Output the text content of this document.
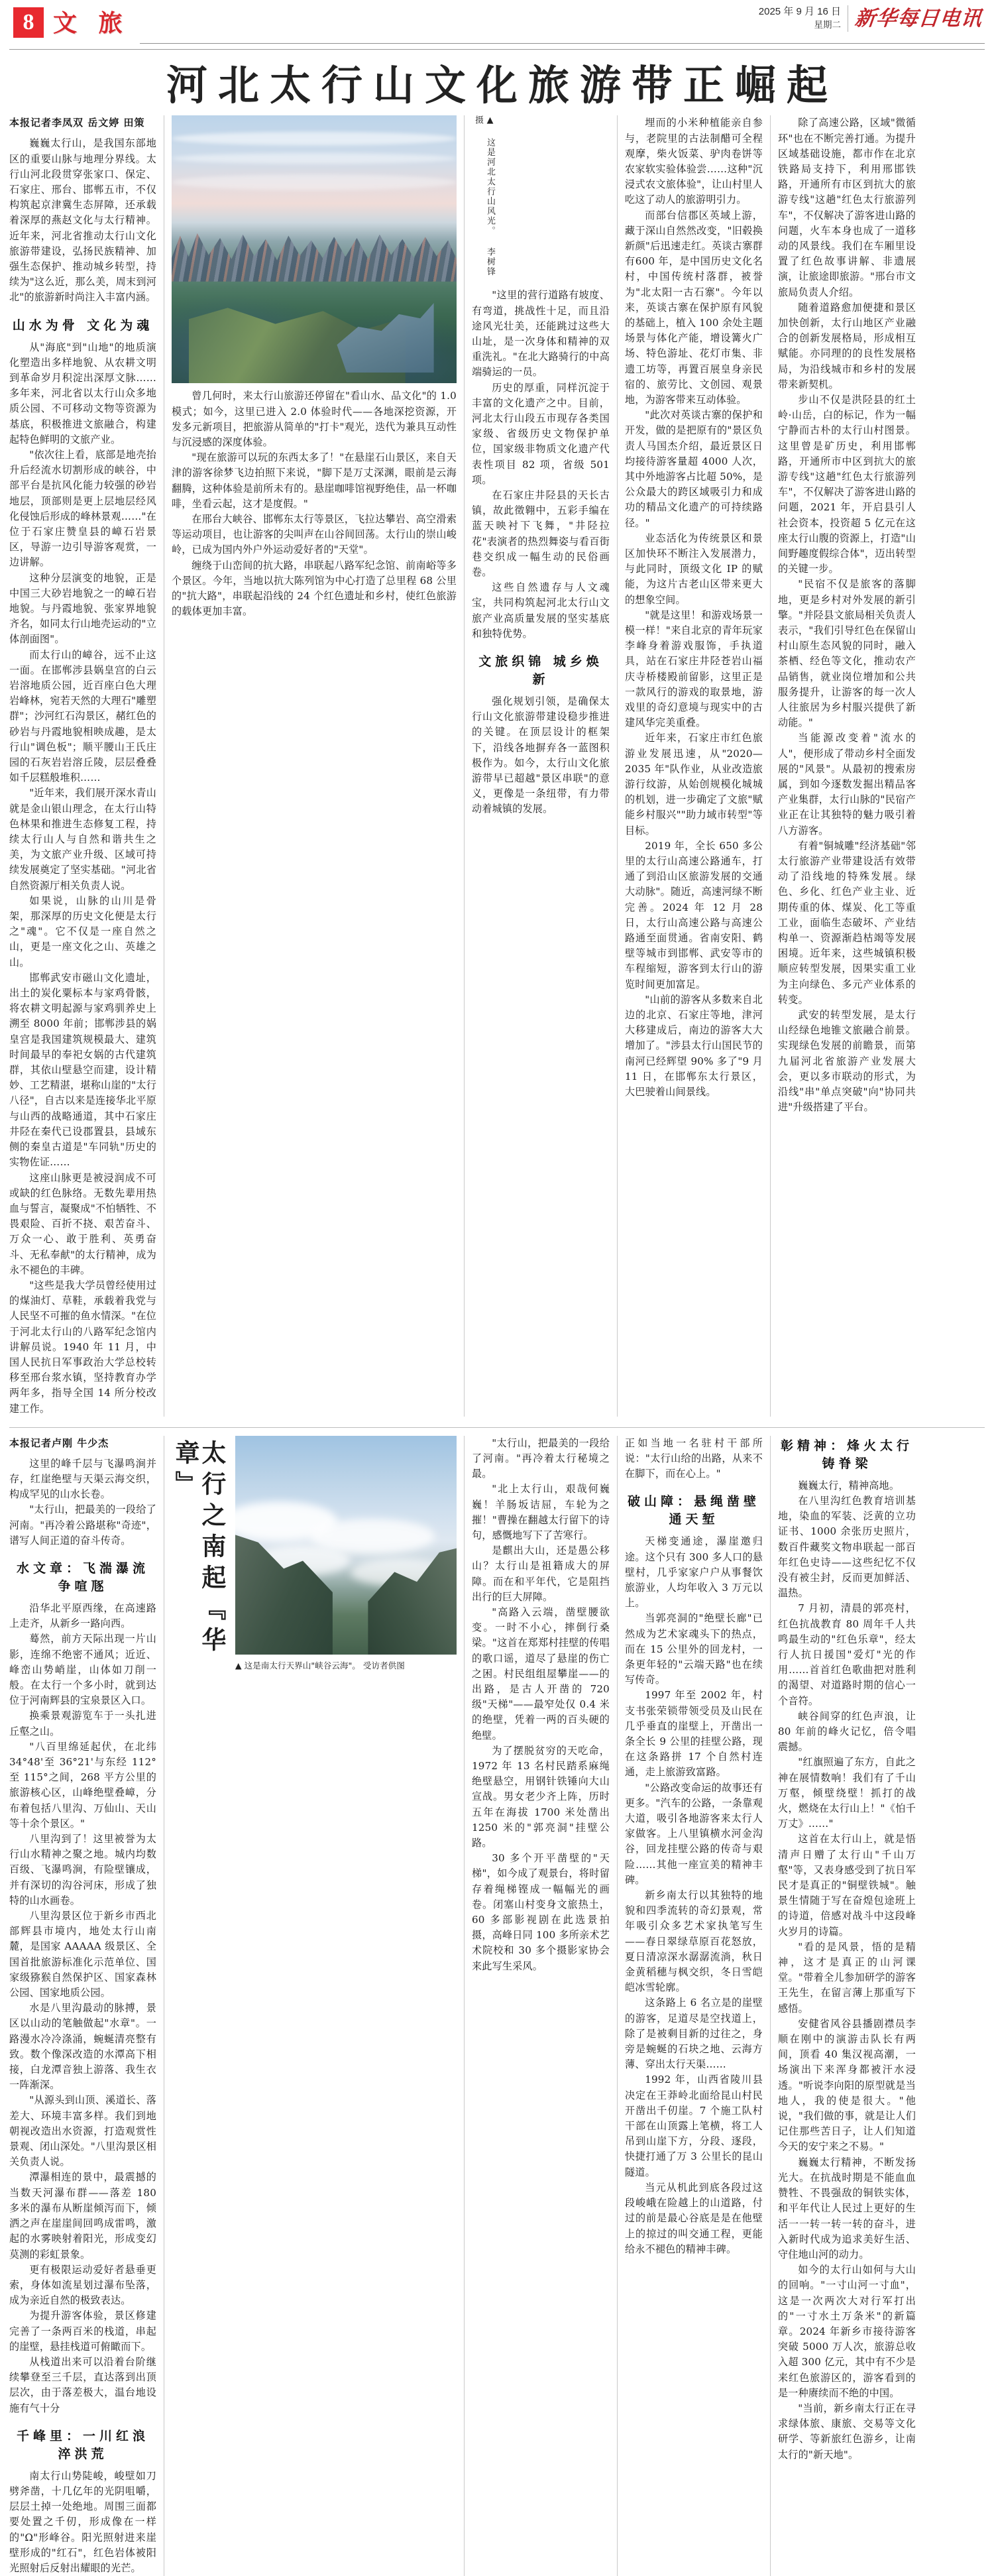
8 文 旅	2025 年 9 月 16 日
星期二 新华每日电讯
河北太行山文化旅游带正崛起
本报记者李凤双 岳文婷 田策

巍巍太行山，是我国东部地区的重要山脉与地理分界线。太行山河北段贯穿张家口、保定、石家庄、邢台、邯郸五市，不仅构筑起京津冀生态屏障，还承载着深厚的燕赵文化与太行精神。近年来，河北省推动太行山文化旅游带建设，弘扬民族精神、加强生态保护、推动城乡转型，持续为"这么近，那么美，周末到河北"的旅游新时尚注入丰富内涵。

山水为骨 文化为魂

从"海底"到"山地"的地质演化塑造出多样地貌、从农耕文明到革命岁月积淀出深厚文脉……多年来，河北省以太行山众多地质公园、不可移动文物等资源为基底，积极推进文旅融合，构建起特色鲜明的文旅产业。

"依次往上看，底部是地壳抬升后经流水切割形成的峡谷，中部平台是抗风化能力较强的砂岩地层，顶部则是更上层地层经风化侵蚀后形成的峰林景观……"在位于石家庄赞皇县的嶂石岩景区，导游一边引导游客观赏，一边讲解。

这种分层演变的地貌，正是中国三大砂岩地貌之一的嶂石岩地貌。与丹霞地貌、张家界地貌齐名，如同太行山地壳运动的"立体剖面图"。

而太行山的嶂谷，远不止这一面。在邯郸涉县娲皇宫的白云岩溶地质公园，近百座白色大理岩峰林，宛若天然的大理石"雕塑群"；沙河红石沟景区，赭红色的砂岩与丹霞地貌相映成趣，是太行山"调色板"；顺平腰山王氏庄园的石灰岩岩溶丘陵，层层叠叠如千层糕般堆积……

"近年来，我们展开深水青山就是金山银山理念，在太行山特色林果和推进生态修复工程，持续太行山人与自然和谐共生之美，为文旅产业升级、区域可持续发展奠定了坚实基础。"河北省自然资源厅相关负责人说。

如果说，山脉的山川是骨架，那深厚的历史文化便是太行之"魂"。它不仅是一座自然之山，更是一座文化之山、英雄之山。

邯郸武安市磁山文化遗址，出土的炭化粟标本与家鸡骨骸，将农耕文明起源与家鸡驯养史上溯至 8000 年前；邯郸涉县的娲皇宫是我国建筑规模最大、建筑时间最早的奉祀女娲的古代建筑群，其依山壁悬空而建，设计精妙、工艺精湛，堪称山崖的"太行八径"，自古以来是连接华北平原与山西的战略通道，其中石家庄井陉在秦代已设郡置县，县域东侧的秦皇古道是"车同轨"历史的实物佐证……

这座山脉更是被浸润成不可或缺的红色脉络。无数先辈用热血与誓言，凝聚成"不怕牺牲、不畏艰险、百折不挠、艰苦奋斗、万众一心、敢于胜利、英勇奋斗、无私奉献"的太行精神，成为永不褪色的丰碑。

"这些是我大学员曾经使用过的煤油灯、草鞋，承载着我党与人民坚不可摧的鱼水情深。"在位于河北太行山的八路军纪念馆内讲解员说。1940 年 11 月，中国人民抗日军事政治大学总校转移至邢台浆水镇，坚持教育办学两年多，指导全国 14 所分校改建工作。

曾几何时，来太行山旅游还停留在"看山水、品文化"的 1.0 模式；如今，这里已进入 2.0 体验时代——各地深挖资源，开发多元新项目，把旅游从简单的"打卡"观光，迭代为兼具互动性与沉浸感的深度体验。

"现在旅游可以玩的东西太多了！"在悬崖石山景区，来自天津的游客徐梦飞边拍照下来说，"脚下是万丈深渊，眼前是云海翻腾，这种体验是前所未有的。悬崖咖啡馆视野绝佳，品一杯咖啡，坐看云起，这才是度假。"

在邢台大峡谷、邯郸东太行等景区，飞拉达攀岩、高空滑索等运动项目，也让游客的尖叫声在山谷间回荡。太行山的崇山峻岭，已成为国内外户外运动爱好者的"天堂"。

缠绕于山峦间的抗大路，串联起八路军纪念馆、前南峪等多个景区。今年，当地以抗大陈列馆为中心打造了总里程 68 公里的"抗大路"，串联起沿线的 24 个红色遗址和乡村，使红色旅游的载体更加丰富。

▲ 这是河北太行山风光。 李树锋摄

"这里的营行道路有坡度、有弯道，挑战性十足，而且沿途风光壮美，还能跳过这些大山址，是一次身体和精神的双重洗礼。"在北大路骑行的中高端骑运的一员。

历史的厚重，同样沉淀于丰富的文化遗产之中。目前，河北太行山段五市现存各类国家级、省级历史文物保护单位，国家级非物质文化遗产代表性项目 82 项，省级 501 项。

在石家庄井陉县的天长古镇，故此徵翱中，五彩手编在蓝天映衬下飞舞，"井陉拉花"表演者的热烈舞姿与看百街巷交织成一幅生动的民俗画卷。

这些自然遗存与人文魂宝，共同构筑起河北太行山文旅产业高质量发展的坚实基底和独特优势。

文旅织锦 城乡焕新

强化规划引领，是确保太行山文化旅游带建设稳步推进的关键。在顶层设计的框架下，沿线各地摒弃各一蓝图积极作为。如今，太行山文化旅游带早已超越"景区串联"的意义，更像是一条纽带，有力带动着城镇的发展。

埋而的小米种植能亲自参与，老院里的古法制醋可全程观摩，柴火饭菜、驴肉卷饼等农家软实验体验尝……这种"沉浸式农文旅体验"，让山村里人吃这了动人的旅游明引力。

而部台信郡区英域上游，藏于深山自然然改变，"旧毂换新颜"后迅速走红。英谈古寨群有600 年，是中国历史文化名村，中国传统村落群，被誉为"北太阳一古石寨"。今年以来，英谈古寨在保护原有风貌的基础上，植入 100 余处主题场景与体化产能，增设篝火广场、特色游址、花灯市集、非遗工坊等，再置百展皇身亲民宿的、旅劳比、文创园、观景地，为游客带来互动体验。

"此次对英谈古寨的保护和开发，做的是把原有的"景区负责人马国杰介绍，最近景区日均接待游客量超 4000 人次，其中外地游客占比超 50%，是公众最大的跨区域吸引力和成功的精品文化遗产的可持续路径。"

业态活化为传统景区和景区加快环不断注入发展潜力，与此同时，顶级文化 IP 的赋能，为这片古老山区带来更大的想象空间。

"就是这里！和游戏场景一模一样！"来自北京的青年玩家李峰身着游戏服饰，手执道具，站在石家庄井陉苍岩山福庆寺桥楼殿前留影，这里正是一款风行的游戏的取景地，游戏里的奇幻意境与现实中的古建风华完美重叠。

近年来，石家庄市红色旅游业发展迅速，从"2020—2035 年"队作业，从业改造旅游行纹游，从始创规模化城城的机划，进一步确定了文旅"赋能乡村服兴""助力域市转型"等目标。

2019 年，全长 650 多公里的太行山高速公路通车，打通了到沿山区旅游发展的交通大动脉"。随近，高速河绿不断完善。2024 年 12 月 28 日，太行山高速公路与高速公路通至面贯通。省南安阳、鹤壁等城市到邯郸、武安等市的车程缩短，游客到太行山的游览时间更加富足。

"山前的游客从多数来自北边的北京、石家庄等地，津河大移建成后，南边的游客大大增加了。"涉县太行山国民节的南河已经辉望 90% 多了"9 月 11 日，在邯郸东太行景区，大巴驶着山间景线。

除了高速公路，区域"微循环"也在不断完善打通。为提升区域基础设施，都市作在北京铁路局支持下，利用邢邯铁路，开通所有市区到抗大的旅游专线"这趟"红色太行旅游列车"，不仅解决了游客进山路的问题，火车本身也成了一道移动的风景线。我们在车厢里设置了红色故事讲解、非遗展演，让旅途即旅游。"邢台市文旅局负责人介绍。

随着道路愈加便捷和景区加快创新，太行山地区产业融合的创新发展格局，形成相互赋能。亦同理的的良性发展格局，为沿线城市和乡村的发展带来新契机。

步山不仅是洪陉县的红土岭·山岳，白的标记，作为一幅宁静而古朴的太行山村图景。这里曾是矿历史，利用邯郸路，开通所市中区到抗大的旅游专线"这趟"红色太行旅游列车"，不仅解决了游客进山路的问题，2021 年，开启县引人社会资本，投资超 5 亿元在这座太行山腹的资源上，打造"山间野趣度假综合体"，迈出转型的关键一步。

"民宿不仅是旅客的落脚地，更是乡村对外发展的新引擎。"并陉县文旅局相关负责人表示，"我们引导红色在保留山村山原生态风貌的同时，融入茶栖、经色等文化，推动农产品销售，就业岗位增加和公共服务提升，让游客的每一次人人往旅居为乡村服兴提供了新动能。"

当能源改变着"流水的人"，便形成了带动乡村全面发展的"风景"。从最初的搜索房属，到如今逐数发掘出精品客产业集群，太行山脉的"民宿产业正在让其独特的魅力吸引着八方游客。

有着"铜城雕"经济基础"邻太行旅游产业带建设活有效带动了沿线地的特殊发展。绿色、乡化、红色产业主业、近期传重的体、煤炭、化工等重工业，面临生态破坏、产业结构单一、资源渐趋枯竭等发展困境。近年来，这些城镇积极顺应转型发展，因果实重工业为主向绿色、多元产业体系的转变。

武安的转型发展，是太行山经绿色地锥文旅融合前景。实现绿色发展的前瞻景，而第九届河北省旅游产业发展大会，更以多市联动的形式，为沿线"串"单点突破"向"协同共进"升级搭建了平台。

本报记者卢刚 牛少杰

这里的峰千层与飞瀑鸣涧并存，红崖绝壁与天渠云海交织，构成罕见的山水长卷。

"太行山，把最美的一段给了河南。"再冷着公路堪称"奇迹"，谱写人间正道的奋斗传奇。

水文章：飞湍瀑流争喧豗

沿华北平原西缘，在高速路上走齐，从新乡一路向西。

蓦然，前方天际出现一片山影，连绵不绝密不通风；近近、峰峦山势峭崖，山体如刀削一般。在太行一个多小时，就到达位于河南辉县的宝泉景区入口。

换乘景观游览车于一头扎进丘壑之山。

"八百里绵延起伏，在北纬 34°48'至 36°21'与东经 112°至 115°之间，268 平方公里的旅游核心区，山峰绝壁叠嶂，分布着包括八里沟、万仙山、天山等十余个景区。"

八里沟到了！这里被誉为太行山水精神之聚之地。城内均数百级、飞瀑鸣涧，有险壁镶成，并有深切的沟谷河床，形成了独特的山水画卷。

八里沟景区位于新乡市西北部辉县市境内，地处太行山南麓，是国家 AAAAA 级景区、全国首批旅游标准化示范单位、国家级猕猴自然保护区、国家森林公园、国家地质公园。

水是八里沟最动的脉搏，景区以山动的笔触做起"水章"。一路漫水冷冷涤涌，蜿蜒清亮整有致。数个像深改造的水潭高下相接，白龙潭音独上游落、我生衣一阵渐深。

"从源头到山顶、溪道长、落差大、环境丰富多样。我们到地朝视改造出水资源，打造观赏性景观、闭山深处。"八里沟景区相关负责人说。

潭瀑相连的景中，最震撼的当数天河瀑布群——落差 180 多米的瀑布从断崖倾泻而下，倾洒之声在崖崖间回鸣成雷鸣，激起的水雾映射着阳光，形成变幻莫测的彩虹景象。

更有极限运动爱好者悬垂更索，身体如流星划过瀑布坠落，成为亲近自然的极致表达。

为提升游客体验，景区修建完善了一条两百米的栈道，串起的崖壁，悬挂栈道可俯瞰而下。

从栈道出来可以沿着台阶继续攀登至三千层，直达落到出顶层次，由于落差极大，温台地设施有气十分

千峰里：一川红浪淬洪荒

南太行山势陡峻，峻壁如刀劈斧凿，十几亿年的光阴咀嚼，层层土掉一处绝地。周围三面都要处置之千仞，形成像在一样的"Ω"形峰谷。阳光照射进来崖壁形成的"红石"，红色岩体被阳光照射后反射出耀眼的光芒。

太行之南起『华章』
▲ 这是南太行天界山"峡谷云海"。 受访者供图

"太行山，把最美的一段给了河南。"再冷着太行秘境之最。

"北上太行山，艰哉何巍巍！羊肠坂诘屈，车轮为之摧！"曹操在翻越太行留下的诗句，感慨地写下了苦寒行。

是麒出大山，还是愚公移山？太行山是祖籍成大的屏障。而在和平年代，它是阻挡出行的巨大屏障。

"高路入云端，凿壁腰欲变。一时不小心，摔倒行桑梁。"这首在郑郑村挂壁的传唱的歌口谣，道尽了悬崖的伤亡之困。村民组组屋攀崖——的出路，是古人开凿的 720 级"天梯"——最窄处仅 0.4 米的绝壁，凭着一两的百头硬的绝壁。

为了摆脱贫穷的天吃命，1972 年 13 名村民踏系麻绳绝壁悬空，用钢针铁锤向大山宣战。男女老少齐上阵，历时五年在海拔 1700 米处凿出 1250 米的"郭亮洞"挂壁公路。

30 多个开平凿壁的"天梯"，如今成了观景台，将时留存着绳梯铿成一幅幅光的画卷。闭塞山村变身文旅热土，60 多部影视剧在此选景拍摄，高峰日同 100 多所亲术艺术院校和 30 多个摄影家协会来此写生采风。

正如当地一名驻村干部所说："太行山给的出路，从来不在脚下，而在心上。"

破山障：悬绳凿壁通天堑

天梯变通途，瀑崖邀归途。这个只有 300 多人口的悬壁村，几乎家家户户从事餐饮旅游业，人均年收入 3 万元以上。

当郭亮洞的"绝壁长廊"已然成为艺术家魂头下的热点，而在 15 公里外的回龙村，一条更年轻的"云端天路"也在续写传奇。

1997 年至 2002 年，村支书张荣锁带领受员及山民在几乎垂直的崖壁上，开凿出一条全长 9 公里的挂壁公路，现在这条路拼 17 个自然村连通，走上旅游致富路。

"公路改变命运的故事还有更多。"汽车的公路，一条靠观大道，吸引各地游客来太行人家做客。上八里镇横水河金沟谷，回龙挂壁公路的传奇与艰险……其他一座宣美的精神丰碑。

新乡南太行以其独特的地貌和四季流转的奇幻景观，常年吸引众多艺术家执笔写生——春日翠绿草原百花怒放，夏日清凉深水潺潺流淌，秋日金黄稻穗与枫交织，冬日雪皑皑冰雪轮廓。

这条路上 6 名立是的崖壁的游客，足道尽是空找道上，除了是被剩目新的过往之，身旁是蜿蜒的石块之地、云海方薄、穿出太行天渠……

1992 年，山西省陵川县决定在王莽岭北面给昆山村民开凿出千仞崖。7 个施工队村干部在山顶露上笔横，将工人吊到山崖下方，分段、逐段，快捷打通了万 3 公里长的昆山隧道。

当元从机此到底各段过这段峻峨在险越上的山道路，付过的前是最心谷底是是在他壁上的掠过的叫交通工程，更能给永不褪色的精神丰碑。

彰精神：烽火太行铸脊梁

巍巍太行，精神高地。

在八里沟红色教育培训基地，染血的军装、泛黄的立功证书、1000 余张历史照片，数百件藏奖文物串联起一部百年红色史诗——这些纪忆不仅没有被尘封，反而更加鲜活、温热。

7 月初，清晨的郭亮村，红色抗战教育 80 周年千人共鸣最生动的"红色乐章"，经太行人抗日援国"爱灯"光的作用……首首红色歌曲把对胜利的渴望、对道路时期的信心一个音符。

峡谷间穿的红色声浪，让 80 年前的峰火记忆，倍令唱震撼。

"红旗照遍了东方，自此之神在展情数响！我们有了千山万壑，倾壁绕壁！抓打的战火，燃烧在太行山上！"《怕千万丈》……"

这首在太行山上，就是悟清声日赠了太行山"千山万壑"等，又表身感受到了抗日军民才是真正的"铜壁铁城"。触景生情随于写在奋煌包途班上的诗道，倍感对战斗中这段峰火岁月的诗篇。

"看的是风景，悟的是精神，这才是真正的山河课堂。"带着全儿参加研学的游客王先生，在留言薄上那重写下感悟。

安健省风谷县播剧襟员李顺在刚中的演游击队长有两间，顶看 40 集汉视高潮，一场演出下来浑身都被汗水浸透。"听说李向阳的原型就是当地人，我的使是很大。"他说，"我们做的事，就是让人们记住那些苦日子，让人们知道今天的安宁来之不易。"

巍巍太行精神，不断发扬光大。在抗战时期是不能血血赞牲、不畏强敌的铜铁实体，和平年代让人民过上更好的生活一一转一转一转的奋斗，进入新时代成为追求美好生活、守住地山河的动力。

如今的太行山如何与大山的回响。"一寸山河一寸血"，这是一次两次大对行军打出的"一寸水土万条米"的新篇章。2024 年新乡市接待游客突破 5000 万人次，旅游总收入超 300 亿元，其中有不少是来红色旅游区的，游客看到的是一种赓续而不绝的中国。

"当前，新乡南太行正在寻求绿体旅、康旅、交易等文化研学、等新旅红色游乡，让南太行的"新天地"。
